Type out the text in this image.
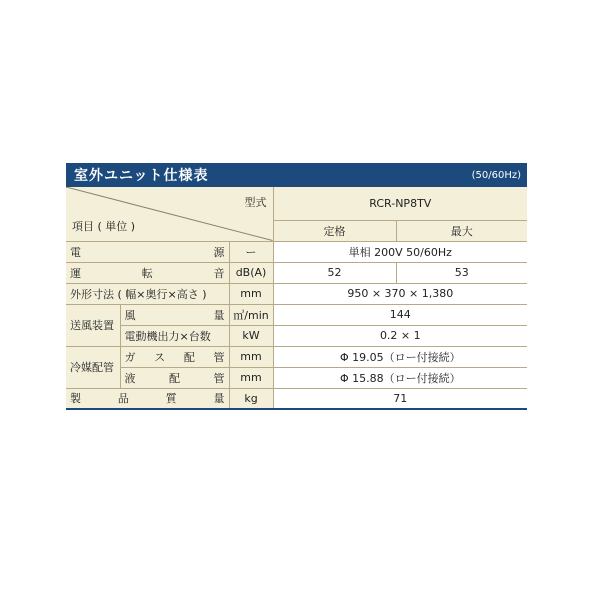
室外ユニット仕様表	(50/60Hz)
型式
項目 ( 単位 )			RCR-NP8TV	
			定格	最大

電 源		ー	単相 200V 50/60Hz	

運 転 音		dB(A)	52	53
外形寸法 ( 幅×奥行×高さ )		mm	950 × 370 × 1,380	
送風装置	風 量	㎥/min	144	
	電動機出力×台数	kW	0.2 × 1	
冷媒配管	ガ ス 配 管	mm	Φ 19.05（ロー付接続）	

	液 配 管	mm	Φ 15.88（ロー付接続）	

製 品 質 量		kg	71	
